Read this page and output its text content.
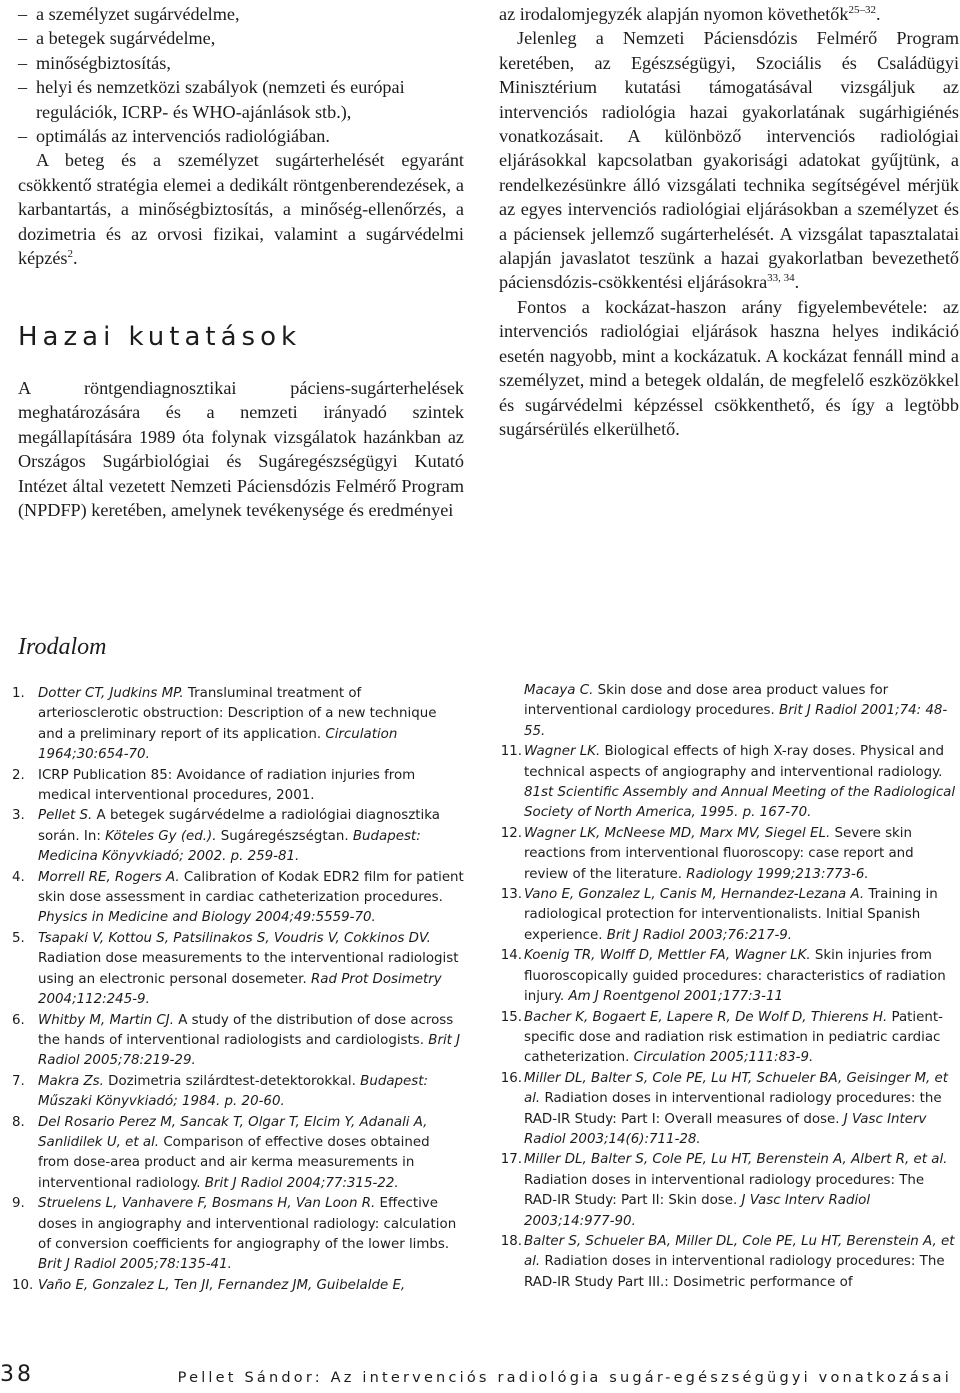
– a személyzet sugárvédelme,
– a betegek sugárvédelme,
– minőségbiztosítás,
– helyi és nemzetközi szabályok (nemzeti és európai regulációk, ICRP- és WHO-ajánlások stb.),
– optimálás az intervenciós radiológiában.

A beteg és a személyzet sugárterhelését egyaránt csökkentő stratégia elemei a dedikált röntgenberendezések, a karbantartás, a minőségbiztosítás, a minőség-ellenőrzés, a dozimetria és az orvosi fizikai, valamint a sugárvédelmi képzés$^2$.

Hazai kutatások

A röntgendiagnosztikai páciens-sugárterhelések meghatározására és a nemzeti irányadó szintek megállapítására 1989 óta folynak vizsgálatok hazánkban az Országos Sugárbiológiai és Sugáregészségügyi Kutató Intézet által vezetett Nemzeti Páciensdózis Felmérő Program (NPDFP) keretében, amelynek tevékenysége és eredményei

az irodalomjegyzék alapján nyomon követhetők$^{25-32}$.

Jelenleg a Nemzeti Páciensdózis Felmérő Program keretében, az Egészségügyi, Szociális és Családügyi Minisztérium kutatási támogatásával vizsgáljuk az intervenciós radiológia hazai gyakorlatának sugárhigiénés vonatkozásait. A különböző intervenciós radiológiai eljárásokkal kapcsolatban gyakorisági adatokat gyűjtünk, a rendelkezésünkre álló vizsgálati technika segítségével mérjük az egyes intervenciós radiológiai eljárásokban a személyzet és a páciensek jellemző sugárterhelését. A vizsgálat tapasztalatai alapján javaslatot teszünk a hazai gyakorlatban bevezethető páciensdózis-csökkentési eljárásokra$^{33, 34}$.

Fontos a kockázat-haszon arány figyelembevétele: az intervenciós radiológiai eljárások haszna helyes indikáció esetén nagyobb, mint a kockázatuk. A kockázat fennáll mind a személyzet, mind a betegek oldalán, de megfelelő eszközökkel és sugárvédelmi képzéssel csökkenthető, és így a legtöbb sugársérülés elkerülhető.

Irodalom
1. Dotter CT, Judkins MP. Transluminal treatment of arteriosclerotic obstruction: Description of a new technique and a preliminary report of its application. Circulation 1964;30:654-70.
2. ICRP Publication 85: Avoidance of radiation injuries from medical interventional procedures, 2001.
3. Pellet S. A betegek sugárvédelme a radiológiai diagnosztika során. In: Köteles Gy (ed.). Sugáregészségtan. Budapest: Medicina Könyvkiadó; 2002. p. 259-81.
4. Morrell RE, Rogers A. Calibration of Kodak EDR2 film for patient skin dose assessment in cardiac catheterization procedures. Physics in Medicine and Biology 2004;49:5559-70.
5. Tsapaki V, Kottou S, Patsilinakos S, Voudris V, Cokkinos DV. Radiation dose measurements to the interventional radiologist using an electronic personal dosemeter. Rad Prot Dosimetry 2004;112:245-9.
6. Whitby M, Martin CJ. A study of the distribution of dose across the hands of interventional radiologists and cardiologists. Brit J Radiol 2005;78:219-29.
7. Makra Zs. Dozimetria szilárdtest-detektorokkal. Budapest: Műszaki Könyvkiadó; 1984. p. 20-60.
8. Del Rosario Perez M, Sancak T, Olgar T, Elcim Y, Adanali A, Sanlidilek U, et al. Comparison of effective doses obtained from dose-area product and air kerma measurements in interventional radiology. Brit J Radiol 2004;77:315-22.
9. Struelens L, Vanhavere F, Bosmans H, Van Loon R. Effective doses in angiography and interventional radiology: calculation of conversion coefficients for angiography of the lower limbs. Brit J Radiol 2005;78:135-41.
10. Vaño E, Gonzalez L, Ten JI, Fernandez JM, Guibelalde E,
Macaya C. Skin dose and dose area product values for interventional cardiology procedures. Brit J Radiol 2001;74: 48-55.
11. Wagner LK. Biological effects of high X-ray doses. Physical and technical aspects of angiography and interventional radiology. 81st Scientific Assembly and Annual Meeting of the Radiological Society of North America, 1995. p. 167-70.
12. Wagner LK, McNeese MD, Marx MV, Siegel EL. Severe skin reactions from interventional fluoroscopy: case report and review of the literature. Radiology 1999;213:773-6.
13. Vano E, Gonzalez L, Canis M, Hernandez-Lezana A. Training in radiological protection for interventionalists. Initial Spanish experience. Brit J Radiol 2003;76:217-9.
14. Koenig TR, Wolff D, Mettler FA, Wagner LK. Skin injuries from fluoroscopically guided procedures: characteristics of radiation injury. Am J Roentgenol 2001;177:3-11
15. Bacher K, Bogaert E, Lapere R, De Wolf D, Thierens H. Patient-specific dose and radiation risk estimation in pediatric cardiac catheterization. Circulation 2005;111:83-9.
16. Miller DL, Balter S, Cole PE, Lu HT, Schueler BA, Geisinger M, et al. Radiation doses in interventional radiology procedures: the RAD-IR Study: Part I: Overall measures of dose. J Vasc Interv Radiol 2003;14(6):711-28.
17. Miller DL, Balter S, Cole PE, Lu HT, Berenstein A, Albert R, et al. Radiation doses in interventional radiology procedures: The RAD-IR Study: Part II: Skin dose. J Vasc Interv Radiol 2003;14:977-90.
18. Balter S, Schueler BA, Miller DL, Cole PE, Lu HT, Berenstein A, et al. Radiation doses in interventional radiology procedures: The RAD-IR Study Part III.: Dosimetric performance of
38	Pellet Sándor: Az intervenciós radiológia sugár-egészségügyi vonatkozásai
